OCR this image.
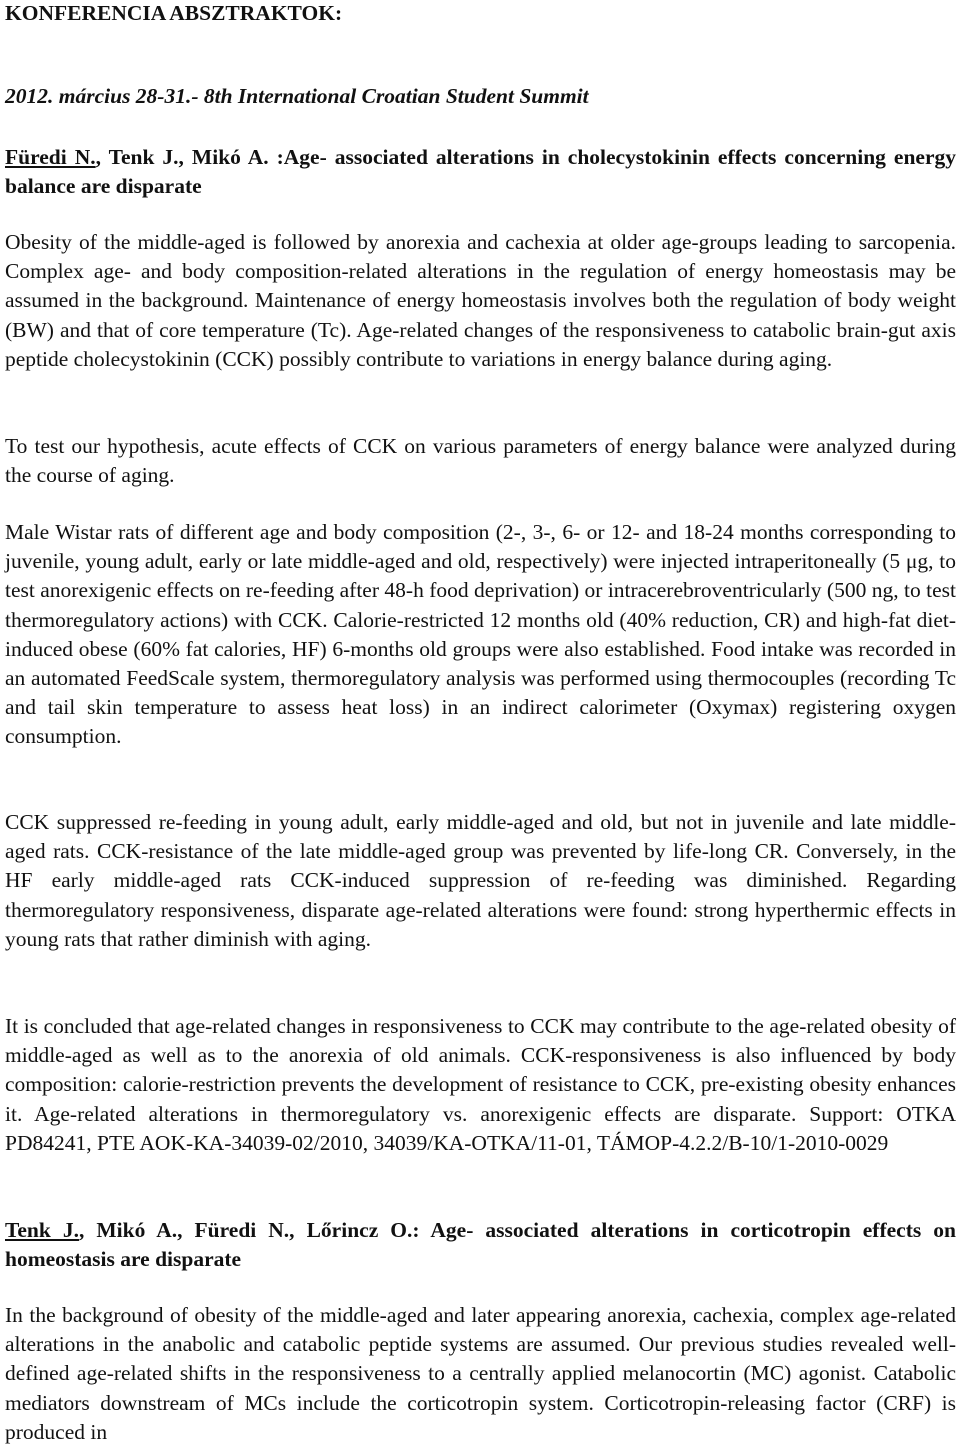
KONFERENCIA ABSZTRAKTOK:
2012. március 28-31.- 8th International Croatian Student Summit

Füredi N., Tenk J., Mikó A. :Age- associated alterations in cholecystokinin effects concerning energy balance are disparate

Obesity of the middle-aged is followed by anorexia and cachexia at older age-groups leading to sarcopenia. Complex age- and body composition-related alterations in the regulation of energy homeostasis may be assumed in the background. Maintenance of energy homeostasis involves both the regulation of body weight (BW) and that of core temperature (Tc). Age-related changes of the responsiveness to catabolic brain-gut axis peptide cholecystokinin (CCK) possibly contribute to variations in energy balance during aging.

To test our hypothesis, acute effects of CCK on various parameters of energy balance were analyzed during the course of aging.

Male Wistar rats of different age and body composition (2-, 3-, 6- or 12- and 18-24 months corresponding to juvenile, young adult, early or late middle-aged and old, respectively) were injected intraperitoneally (5 μg, to test anorexigenic effects on re-feeding after 48-h food deprivation) or intracerebroventricularly (500 ng, to test thermoregulatory actions) with CCK. Calorie-restricted 12 months old (40% reduction, CR) and high-fat diet-induced obese (60% fat calories, HF) 6-months old groups were also established. Food intake was recorded in an automated FeedScale system, thermoregulatory analysis was performed using thermocouples (recording Tc and tail skin temperature to assess heat loss) in an indirect calorimeter (Oxymax) registering oxygen consumption.

CCK suppressed re-feeding in young adult, early middle-aged and old, but not in juvenile and late middle-aged rats. CCK-resistance of the late middle-aged group was prevented by life-long CR. Conversely, in the HF early middle-aged rats CCK-induced suppression of re-feeding was diminished. Regarding thermoregulatory responsiveness, disparate age-related alterations were found: strong hyperthermic effects in young rats that rather diminish with aging.

It is concluded that age-related changes in responsiveness to CCK may contribute to the age-related obesity of middle-aged as well as to the anorexia of old animals. CCK-responsiveness is also influenced by body composition: calorie-restriction prevents the development of resistance to CCK, pre-existing obesity enhances it. Age-related alterations in thermoregulatory vs. anorexigenic effects are disparate. Support: OTKA PD84241, PTE AOK-KA-34039-02/2010, 34039/KA-OTKA/11-01, TÁMOP-4.2.2/B-10/1-2010-0029

Tenk J., Mikó A., Füredi N., Lőrincz O.: Age- associated alterations in corticotropin effects on homeostasis are disparate

In the background of obesity of the middle-aged and later appearing anorexia, cachexia, complex age-related alterations in the anabolic and catabolic peptide systems are assumed. Our previous studies revealed well-defined age-related shifts in the responsiveness to a centrally applied melanocortin (MC) agonist. Catabolic mediators downstream of MCs include the corticotropin system. Corticotropin-releasing factor (CRF) is produced in
